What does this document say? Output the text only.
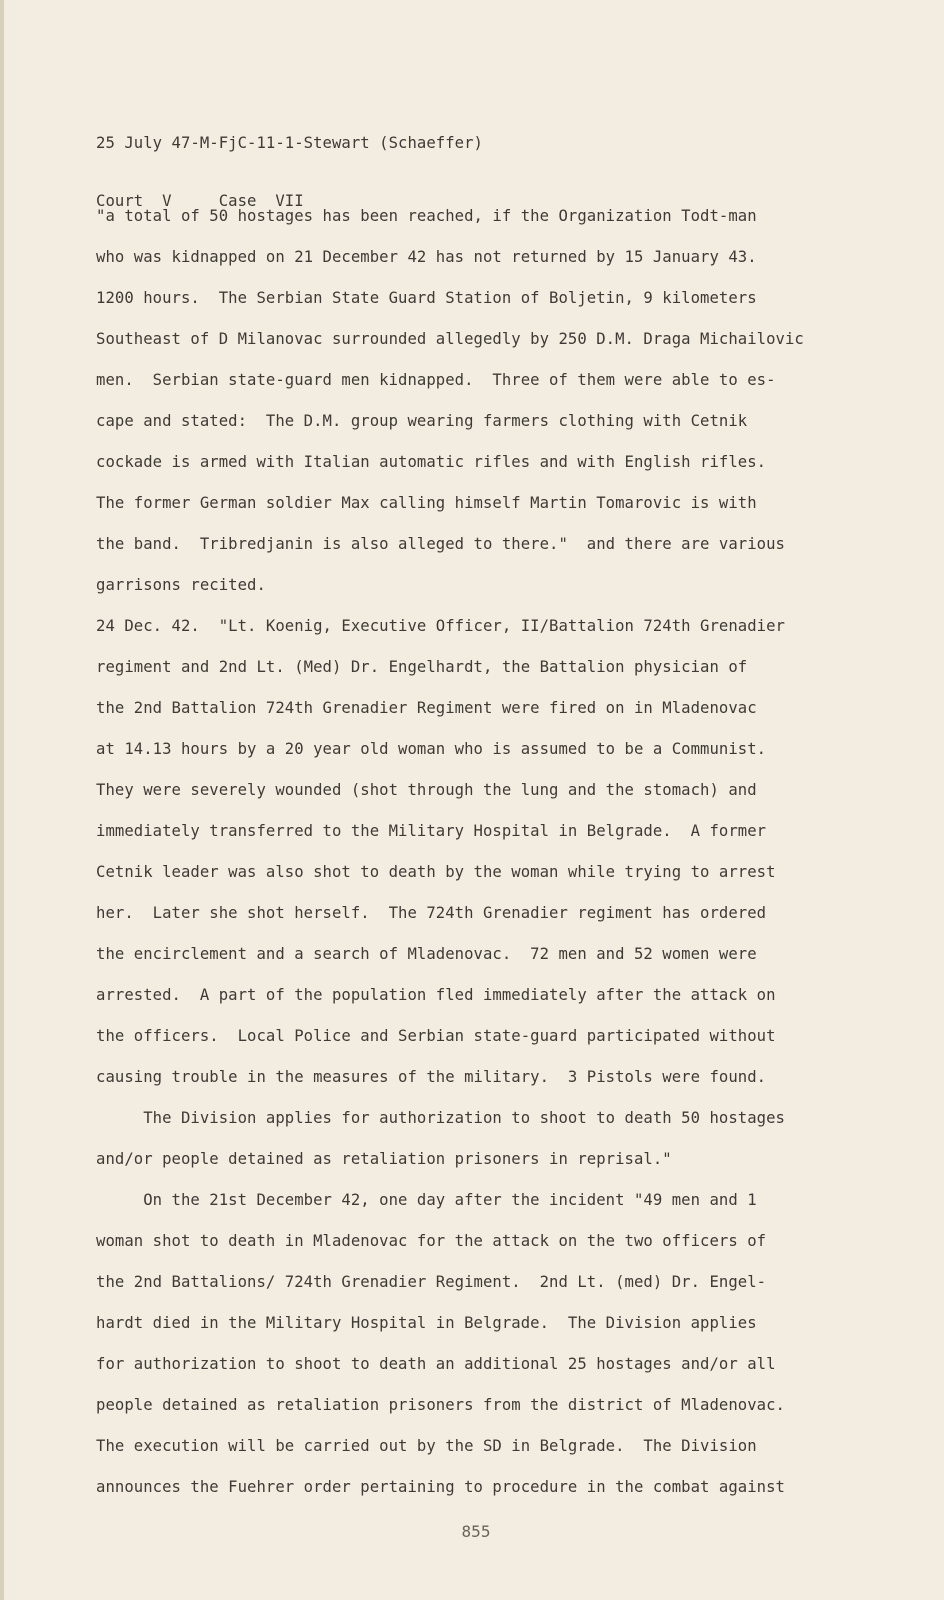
25 July 47-M-FjC-11-1-Stewart (Schaeffer)

Court  V     Case  VII

"a total of 50 hostages has been reached, if the Organization Todt-man
who was kidnapped on 21 December 42 has not returned by 15 January 43.
1200 hours.  The Serbian State Guard Station of Boljetin, 9 kilometers
Southeast of D Milanovac surrounded allegedly by 250 D.M. Draga Michailovic
men.  Serbian state-guard men kidnapped.  Three of them were able to es-
cape and stated:  The D.M. group wearing farmers clothing with Cetnik
cockade is armed with Italian automatic rifles and with English rifles.
The former German soldier Max calling himself Martin Tomarovic is with
the band.  Tribredjanin is also alleged to there."  and there are various
garrisons recited.
24 Dec. 42.  "Lt. Koenig, Executive Officer, II/Battalion 724th Grenadier
regiment and 2nd Lt. (Med) Dr. Engelhardt, the Battalion physician of
the 2nd Battalion 724th Grenadier Regiment were fired on in Mladenovac
at 14.13 hours by a 20 year old woman who is assumed to be a Communist.
They were severely wounded (shot through the lung and the stomach) and
immediately transferred to the Military Hospital in Belgrade.  A former
Cetnik leader was also shot to death by the woman while trying to arrest
her.  Later she shot herself.  The 724th Grenadier regiment has ordered
the encirclement and a search of Mladenovac.  72 men and 52 women were
arrested.  A part of the population fled immediately after the attack on
the officers.  Local Police and Serbian state-guard participated without
causing trouble in the measures of the military.  3 Pistols were found.
The Division applies for authorization to shoot to death 50 hostages
and/or people detained as retaliation prisoners in reprisal."
On the 21st December 42, one day after the incident "49 men and 1
woman shot to death in Mladenovac for the attack on the two officers of
the 2nd Battalions/ 724th Grenadier Regiment.  2nd Lt. (med) Dr. Engel-
hardt died in the Military Hospital in Belgrade.  The Division applies
for authorization to shoot to death an additional 25 hostages and/or all
people detained as retaliation prisoners from the district of Mladenovac.
The execution will be carried out by the SD in Belgrade.  The Division
announces the Fuehrer order pertaining to procedure in the combat against
855
